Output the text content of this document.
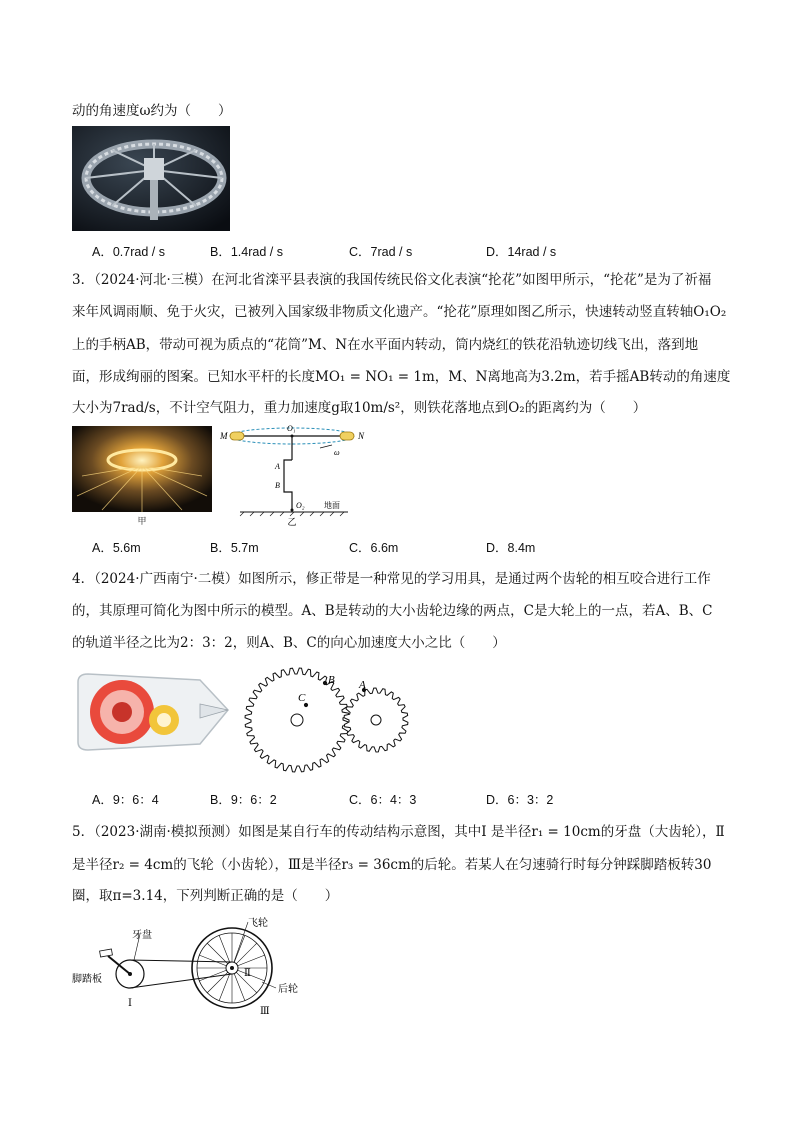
动的角速度ω约为（　　）
A．0.7rad / s	B．1.4rad / s	C．7rad / s	D．14rad / s
3．（2024·河北·三模）在河北省滦平县表演的我国传统民俗文化表演“抡花”如图甲所示，“抡花”是为了祈福
来年风调雨顺、免于火灾，已被列入国家级非物质文化遗产。“抡花”原理如图乙所示，快速转动竖直转轴O₁O₂
上的手柄AB，带动可视为质点的“花筒”M、N在水平面内转动，筒内烧红的铁花沿轨迹切线飞出，落到地
面，形成绚丽的图案。已知水平杆的长度MO₁ = NO₁ = 1m，M、N离地高为3.2m，若手摇AB转动的角速度
大小为7rad/s，不计空气阻力，重力加速度g取10m/s²，则铁花落地点到O₂的距离约为（　　）
甲
M	N
O₁
ω
A
B
O₂ 地面
乙
A．5.6m	B．5.7m	C．6.6m	D．8.4m
4．（2024·广西南宁·二模）如图所示，修正带是一种常见的学习用具，是通过两个齿轮的相互咬合进行工作
的，其原理可简化为图中所示的模型。A、B是转动的大小齿轮边缘的两点，C是大轮上的一点，若A、B、C
的轨道半径之比为2：3：2，则A、B、C的向心加速度大小之比（　　）
C
B A
A．9：6：4	B．9：6：2	C．6：4：3	D．6：3：2
5．（2023·湖南·模拟预测）如图是某自行车的传动结构示意图，其中Ⅰ 是半径r₁ = 10cm的牙盘（大齿轮），Ⅱ
是半径r₂ = 4cm的飞轮（小齿轮），Ⅲ是半径r₃ = 36cm的后轮。若某人在匀速骑行时每分钟踩脚踏板转30
圈，取π=3.14，下列判断正确的是（　　）
牙盘
脚踏板
Ⅰ
飞轮
Ⅱ
后轮
Ⅲ
